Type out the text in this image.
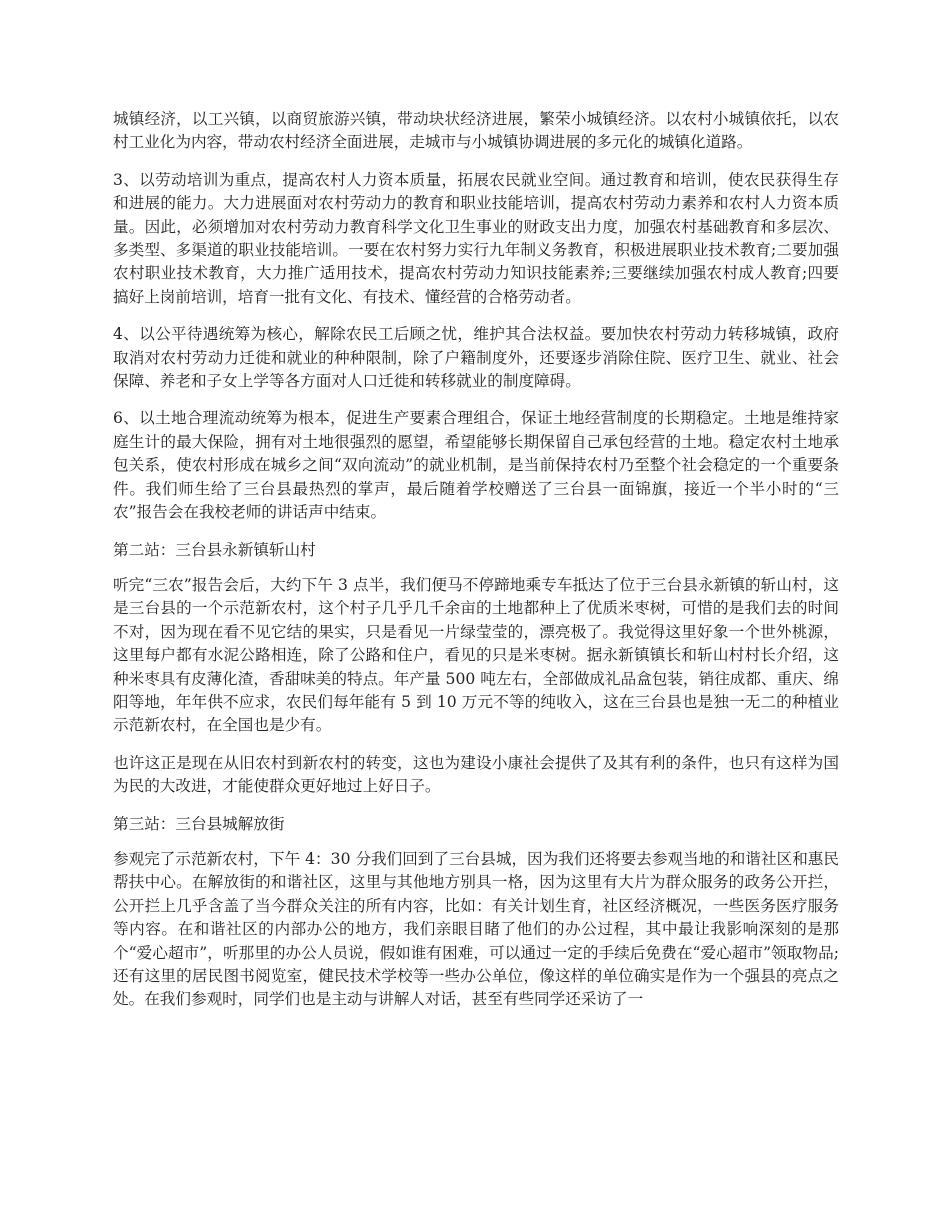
城镇经济，以工兴镇，以商贸旅游兴镇，带动块状经济进展，繁荣小城镇经济。以农村小城镇依托，以农村工业化为内容，带动农村经济全面进展，走城市与小城镇协调进展的多元化的城镇化道路。

3、以劳动培训为重点，提高农村人力资本质量，拓展农民就业空间。通过教育和培训，使农民获得生存和进展的能力。大力进展面对农村劳动力的教育和职业技能培训，提高农村劳动力素养和农村人力资本质量。因此，必须增加对农村劳动力教育科学文化卫生事业的财政支出力度，加强农村基础教育和多层次、多类型、多渠道的职业技能培训。一要在农村努力实行九年制义务教育，积极进展职业技术教育;二要加强农村职业技术教育，大力推广适用技术，提高农村劳动力知识技能素养;三要继续加强农村成人教育;四要搞好上岗前培训，培育一批有文化、有技术、懂经营的合格劳动者。

4、以公平待遇统筹为核心，解除农民工后顾之忧，维护其合法权益。要加快农村劳动力转移城镇，政府取消对农村劳动力迁徙和就业的种种限制，除了户籍制度外，还要逐步消除住院、医疗卫生、就业、社会保障、养老和子女上学等各方面对人口迁徙和转移就业的制度障碍。

6、以土地合理流动统筹为根本，促进生产要素合理组合，保证土地经营制度的长期稳定。土地是维持家庭生计的最大保险，拥有对土地很强烈的愿望，希望能够长期保留自己承包经营的土地。稳定农村土地承包关系，使农村形成在城乡之间“双向流动”的就业机制，是当前保持农村乃至整个社会稳定的一个重要条件。我们师生给了三台县最热烈的掌声，最后随着学校赠送了三台县一面锦旗，接近一个半小时的“三农”报告会在我校老师的讲话声中结束。

第二站：三台县永新镇斩山村

听完“三农”报告会后，大约下午 3 点半，我们便马不停蹄地乘专车抵达了位于三台县永新镇的斩山村，这是三台县的一个示范新农村，这个村子几乎几千余亩的土地都种上了优质米枣树，可惜的是我们去的时间不对，因为现在看不见它结的果实，只是看见一片绿莹莹的，漂亮极了。我觉得这里好象一个世外桃源，这里每户都有水泥公路相连，除了公路和住户，看见的只是米枣树。据永新镇镇长和斩山村村长介绍，这种米枣具有皮薄化渣，香甜味美的特点。年产量 500 吨左右，全部做成礼品盒包装，销往成都、重庆、绵阳等地，年年供不应求，农民们每年能有 5 到 10 万元不等的纯收入，这在三台县也是独一无二的种植业示范新农村，在全国也是少有。

也许这正是现在从旧农村到新农村的转变，这也为建设小康社会提供了及其有利的条件，也只有这样为国为民的大改进，才能使群众更好地过上好日子。

第三站：三台县城解放街

参观完了示范新农村，下午 4：30 分我们回到了三台县城，因为我们还将要去参观当地的和谐社区和惠民帮扶中心。在解放街的和谐社区，这里与其他地方别具一格，因为这里有大片为群众服务的政务公开拦，公开拦上几乎含盖了当今群众关注的所有内容，比如：有关计划生育，社区经济概况，一些医务医疗服务等内容。在和谐社区的内部办公的地方，我们亲眼目睹了他们的办公过程，其中最让我影响深刻的是那个“爱心超市”，听那里的办公人员说，假如谁有困难，可以通过一定的手续后免费在“爱心超市”领取物品;还有这里的居民图书阅览室，健民技术学校等一些办公单位，像这样的单位确实是作为一个强县的亮点之处。在我们参观时，同学们也是主动与讲解人对话，甚至有些同学还采访了一
